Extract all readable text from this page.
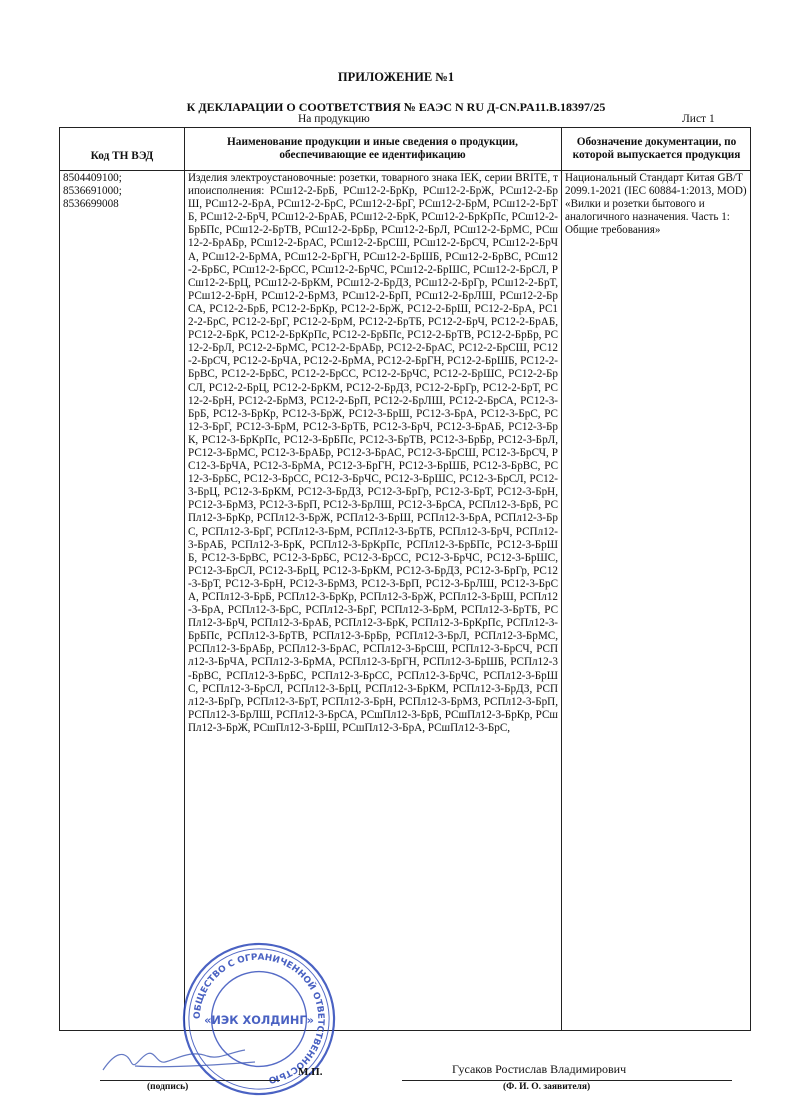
ПРИЛОЖЕНИЕ №1
К ДЕКЛАРАЦИИ О СООТВЕТСТВИЯ № ЕАЭС N RU Д-CN.PA11.B.18397/25
На продукцию	Лист 1
Код ТН ВЭД
Наименование продукции и иные сведения о продукции, обеспечивающие ее идентификацию
Обозначение документации, по которой выпускается продукция
8504409100;
8536691000;
8536699008
Изделия электроустановочные: розетки, товарного знака IEK, серии BRITE, типоисполнения: РСш12-2-БрБ, РСш12-2-БрКр, РСш12-2-БрЖ, РСш12-2-БрШ, РСш12-2-БрА, РСш12-2-БрС, РСш12-2-БрГ, РСш12-2-БрМ, РСш12-2-БрТБ, РСш12-2-БрЧ, РСш12-2-БрАБ, РСш12-2-БрК, РСш12-2-БрКрПс, РСш12-2-БрБПс, РСш12-2-БрТВ, РСш12-2-БрБр, РСш12-2-БрЛ, РСш12-2-БрМС, РСш12-2-БрАБр, РСш12-2-БрАС, РСш12-2-БрСШ, РСш12-2-БрСЧ, РСш12-2-БрЧА, РСш12-2-БрМА, РСш12-2-БрГН, РСш12-2-БрШБ, РСш12-2-БрВС, РСш12-2-БрБС, РСш12-2-БрСС, РСш12-2-БрЧС, РСш12-2-БрШС, РСш12-2-БрСЛ, РСш12-2-БрЦ, РСш12-2-БрКМ, РСш12-2-БрДЗ, РСш12-2-БрГр, РСш12-2-БрТ, РСш12-2-БрН, РСш12-2-БрМЗ, РСш12-2-БрП, РСш12-2-БрЛШ, РСш12-2-БрСА, РС12-2-БрБ, РС12-2-БрКр, РС12-2-БрЖ, РС12-2-БрШ, РС12-2-БрА, РС12-2-БрС, РС12-2-БрГ, РС12-2-БрМ, РС12-2-БрТБ, РС12-2-БрЧ, РС12-2-БрАБ, РС12-2-БрК, РС12-2-БрКрПс, РС12-2-БрБПс, РС12-2-БрТВ, РС12-2-БрБр, РС12-2-БрЛ, РС12-2-БрМС, РС12-2-БрАБр, РС12-2-БрАС, РС12-2-БрСШ, РС12-2-БрСЧ, РС12-2-БрЧА, РС12-2-БрМА, РС12-2-БрГН, РС12-2-БрШБ, РС12-2-БрВС, РС12-2-БрБС, РС12-2-БрСС, РС12-2-БрЧС, РС12-2-БрШС, РС12-2-БрСЛ, РС12-2-БрЦ, РС12-2-БрКМ, РС12-2-БрДЗ, РС12-2-БрГр, РС12-2-БрТ, РС12-2-БрН, РС12-2-БрМЗ, РС12-2-БрП, РС12-2-БрЛШ, РС12-2-БрСА, РС12-3-БрБ, РС12-3-БрКр, РС12-3-БрЖ, РС12-3-БрШ, РС12-3-БрА, РС12-3-БрС, РС12-3-БрГ, РС12-3-БрМ, РС12-3-БрТБ, РС12-3-БрЧ, РС12-3-БрАБ, РС12-3-БрК, РС12-3-БрКрПс, РС12-3-БрБПс, РС12-3-БрТВ, РС12-3-БрБр, РС12-3-БрЛ, РС12-3-БрМС, РС12-3-БрАБр, РС12-3-БрАС, РС12-3-БрСШ, РС12-3-БрСЧ, РС12-3-БрЧА, РС12-3-БрМА, РС12-3-БрГН, РС12-3-БрШБ, РС12-3-БрВС, РС12-3-БрБС, РС12-3-БрСС, РС12-3-БрЧС, РС12-3-БрШС, РС12-3-БрСЛ, РС12-3-БрЦ, РС12-3-БрКМ, РС12-3-БрДЗ, РС12-3-БрГр, РС12-3-БрТ, РС12-3-БрН, РС12-3-БрМЗ, РС12-3-БрП, РС12-3-БрЛШ, РС12-3-БрСА, РСПл12-3-БрБ, РСПл12-3-БрКр, РСПл12-3-БрЖ, РСПл12-3-БрШ, РСПл12-3-БрА, РСПл12-3-БрС, РСПл12-3-БрГ, РСПл12-3-БрМ, РСПл12-3-БрТБ, РСПл12-3-БрЧ, РСПл12-3-БрАБ, РСПл12-3-БрК, РСПл12-3-БрКрПс, РСПл12-3-БрБПс, РС12-3-БрШБ, РС12-3-БрВС, РС12-3-БрБС, РС12-3-БрСС, РС12-3-БрЧС, РС12-3-БрШС, РС12-3-БрСЛ, РС12-3-БрЦ, РС12-3-БрКМ, РС12-3-БрДЗ, РС12-3-БрГр, РС12-3-БрТ, РС12-3-БрН, РС12-3-БрМЗ, РС12-3-БрП, РС12-3-БрЛШ, РС12-3-БрСА, РСПл12-3-БрБ, РСПл12-3-БрКр, РСПл12-3-БрЖ, РСПл12-3-БрШ, РСПл12-3-БрА, РСПл12-3-БрС, РСПл12-3-БрГ, РСПл12-3-БрМ, РСПл12-3-БрТБ, РСПл12-3-БрЧ, РСПл12-3-БрАБ, РСПл12-3-БрК, РСПл12-3-БрКрПс, РСПл12-3-БрБПс, РСПл12-3-БрТВ, РСПл12-3-БрБр, РСПл12-3-БрЛ, РСПл12-3-БрМС, РСПл12-3-БрАБр, РСПл12-3-БрАС, РСПл12-3-БрСШ, РСПл12-3-БрСЧ, РСПл12-3-БрЧА, РСПл12-3-БрМА, РСПл12-3-БрГН, РСПл12-3-БрШБ, РСПл12-3-БрВС, РСПл12-3-БрБС, РСПл12-3-БрСС, РСПл12-3-БрЧС, РСПл12-3-БрШС, РСПл12-3-БрСЛ, РСПл12-3-БрЦ, РСПл12-3-БрКМ, РСПл12-3-БрДЗ, РСПл12-3-БрГр, РСПл12-3-БрТ, РСПл12-3-БрН, РСПл12-3-БрМЗ, РСПл12-3-БрП, РСПл12-3-БрЛШ, РСПл12-3-БрСА, РСшПл12-3-БрБ, РСшПл12-3-БрКр, РСшПл12-3-БрЖ, РСшПл12-3-БрШ, РСшПл12-3-БрА, РСшПл12-3-БрС,
Национальный Стандарт Китая GB/T 2099.1-2021 (IEC 60884-1:2013, MOD) «Вилки и розетки бытового и аналогичного назначения. Часть 1: Общие требования»
ОБЩЕСТВО С ОГРАНИЧЕННОЙ ОТВЕТСТВЕННОСТЬЮ
«ИЭК ХОЛДИНГ»
(подпись)
М.П.	Гусаков Ростислав Владимирович
(Ф. И. О. заявителя)
